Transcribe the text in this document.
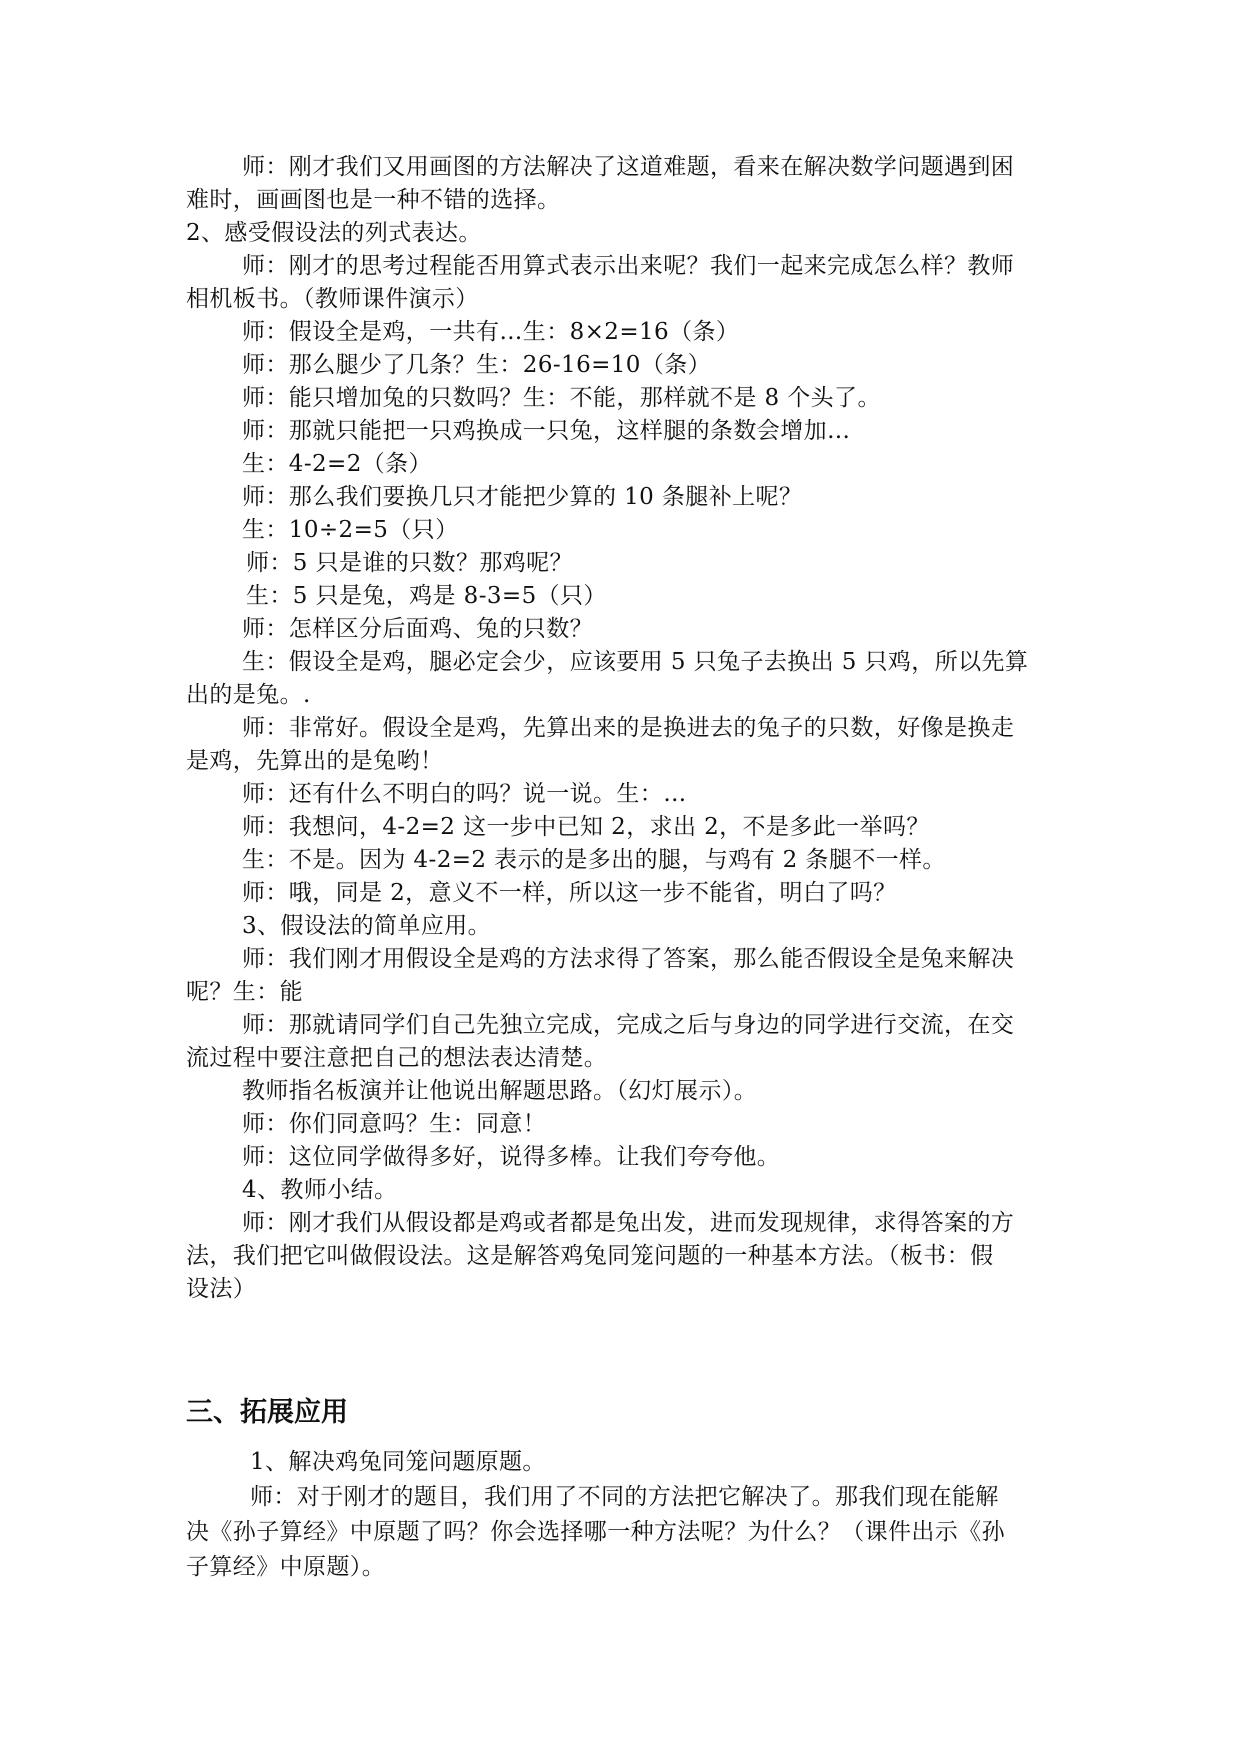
师：刚才我们又用画图的方法解决了这道难题，看来在解决数学问题遇到困
难时，画画图也是一种不错的选择。
2、感受假设法的列式表达。
师：刚才的思考过程能否用算式表示出来呢？我们一起来完成怎么样？教师
相机板书。（教师课件演示）
师：假设全是鸡，一共有…生：8×2=16（条）
师：那么腿少了几条？生：26-16=10（条）
师：能只增加兔的只数吗？生：不能，那样就不是 8 个头了。
师：那就只能把一只鸡换成一只兔，这样腿的条数会增加…
生：4-2=2（条）
师：那么我们要换几只才能把少算的 10 条腿补上呢？
生：10÷2=5（只）
师：5 只是谁的只数？那鸡呢？
生：5 只是兔，鸡是 8-3=5（只）
师：怎样区分后面鸡、兔的只数？
生：假设全是鸡，腿必定会少，应该要用 5 只兔子去换出 5 只鸡，所以先算
出的是兔。.
师：非常好。假设全是鸡，先算出来的是换进去的兔子的只数，好像是换走
是鸡，先算出的是兔哟！
师：还有什么不明白的吗？说一说。生：…
师：我想问，4-2=2 这一步中已知 2，求出 2，不是多此一举吗？
生：不是。因为 4-2=2 表示的是多出的腿，与鸡有 2 条腿不一样。
师：哦，同是 2，意义不一样，所以这一步不能省，明白了吗？
3、假设法的简单应用。
师：我们刚才用假设全是鸡的方法求得了答案，那么能否假设全是兔来解决
呢？生：能
师：那就请同学们自己先独立完成，完成之后与身边的同学进行交流，在交
流过程中要注意把自己的想法表达清楚。
教师指名板演并让他说出解题思路。（幻灯展示）。
师：你们同意吗？生：同意！
师：这位同学做得多好，说得多棒。让我们夸夸他。
4、教师小结。
师：刚才我们从假设都是鸡或者都是兔出发，进而发现规律，求得答案的方
法，我们把它叫做假设法。这是解答鸡兔同笼问题的一种基本方法。（板书：假
设法）
三、拓展应用
1、解决鸡兔同笼问题原题。
师：对于刚才的题目，我们用了不同的方法把它解决了。那我们现在能解
决《孙子算经》中原题了吗？你会选择哪一种方法呢？为什么？（课件出示《孙
子算经》中原题）。
